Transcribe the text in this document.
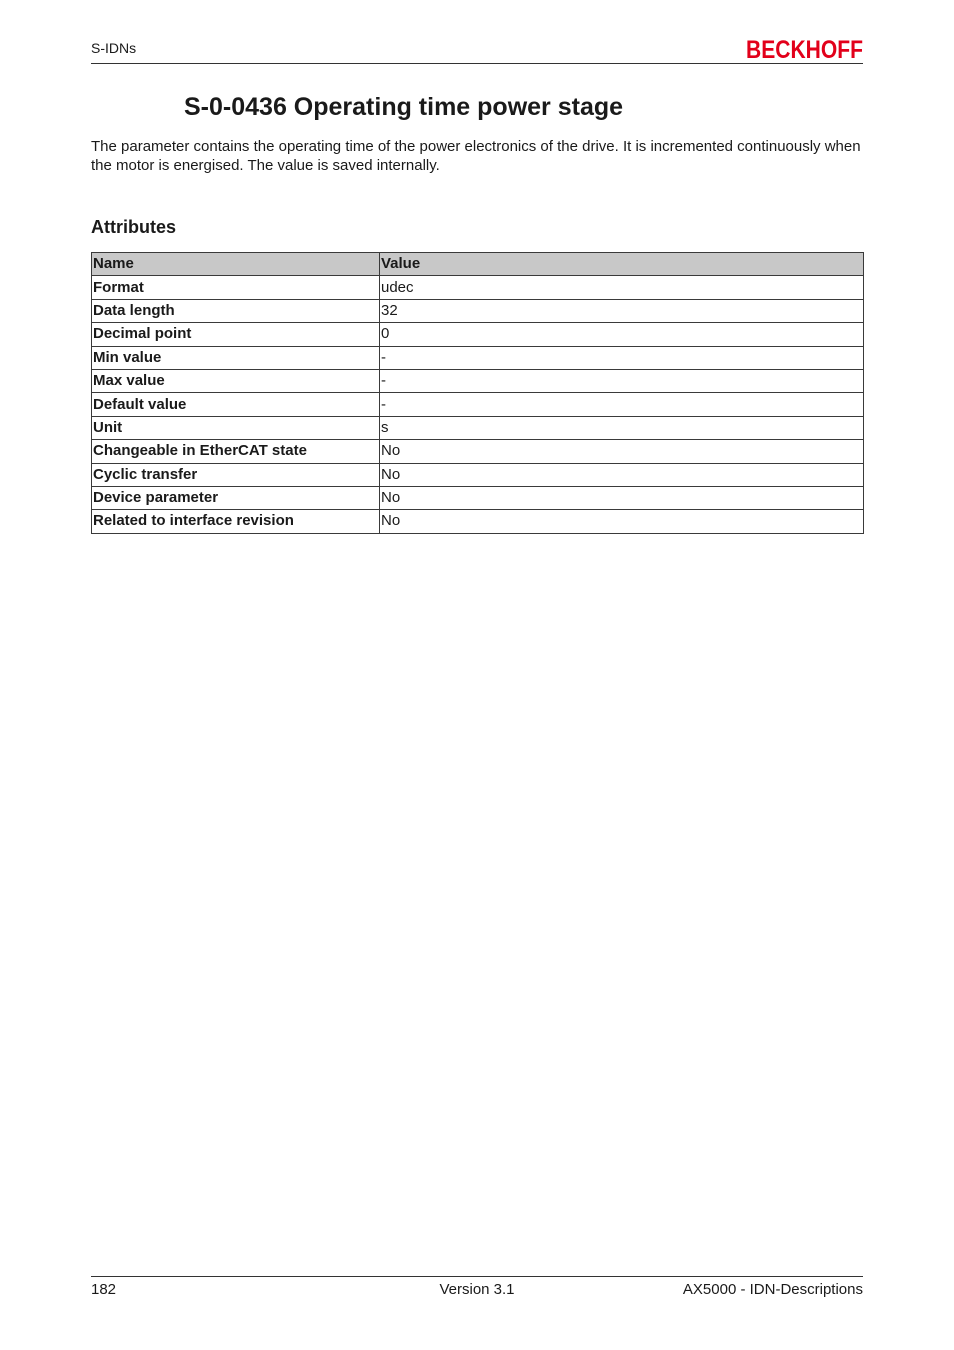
S-IDNs	BECKHOFF
S-0-0436 Operating time power stage

The parameter contains the operating time of the power electronics of the drive. It is incremented continuously when the motor is energised. The value is saved internally.

Attributes
Name	Value
Format	udec
Data length	32
Decimal point	0
Min value	-
Max value	-
Default value	-
Unit	s
Changeable in EtherCAT state	No
Cyclic transfer	No
Device parameter	No
Related to interface revision	No
182	Version 3.1	AX5000 - IDN-Descriptions
